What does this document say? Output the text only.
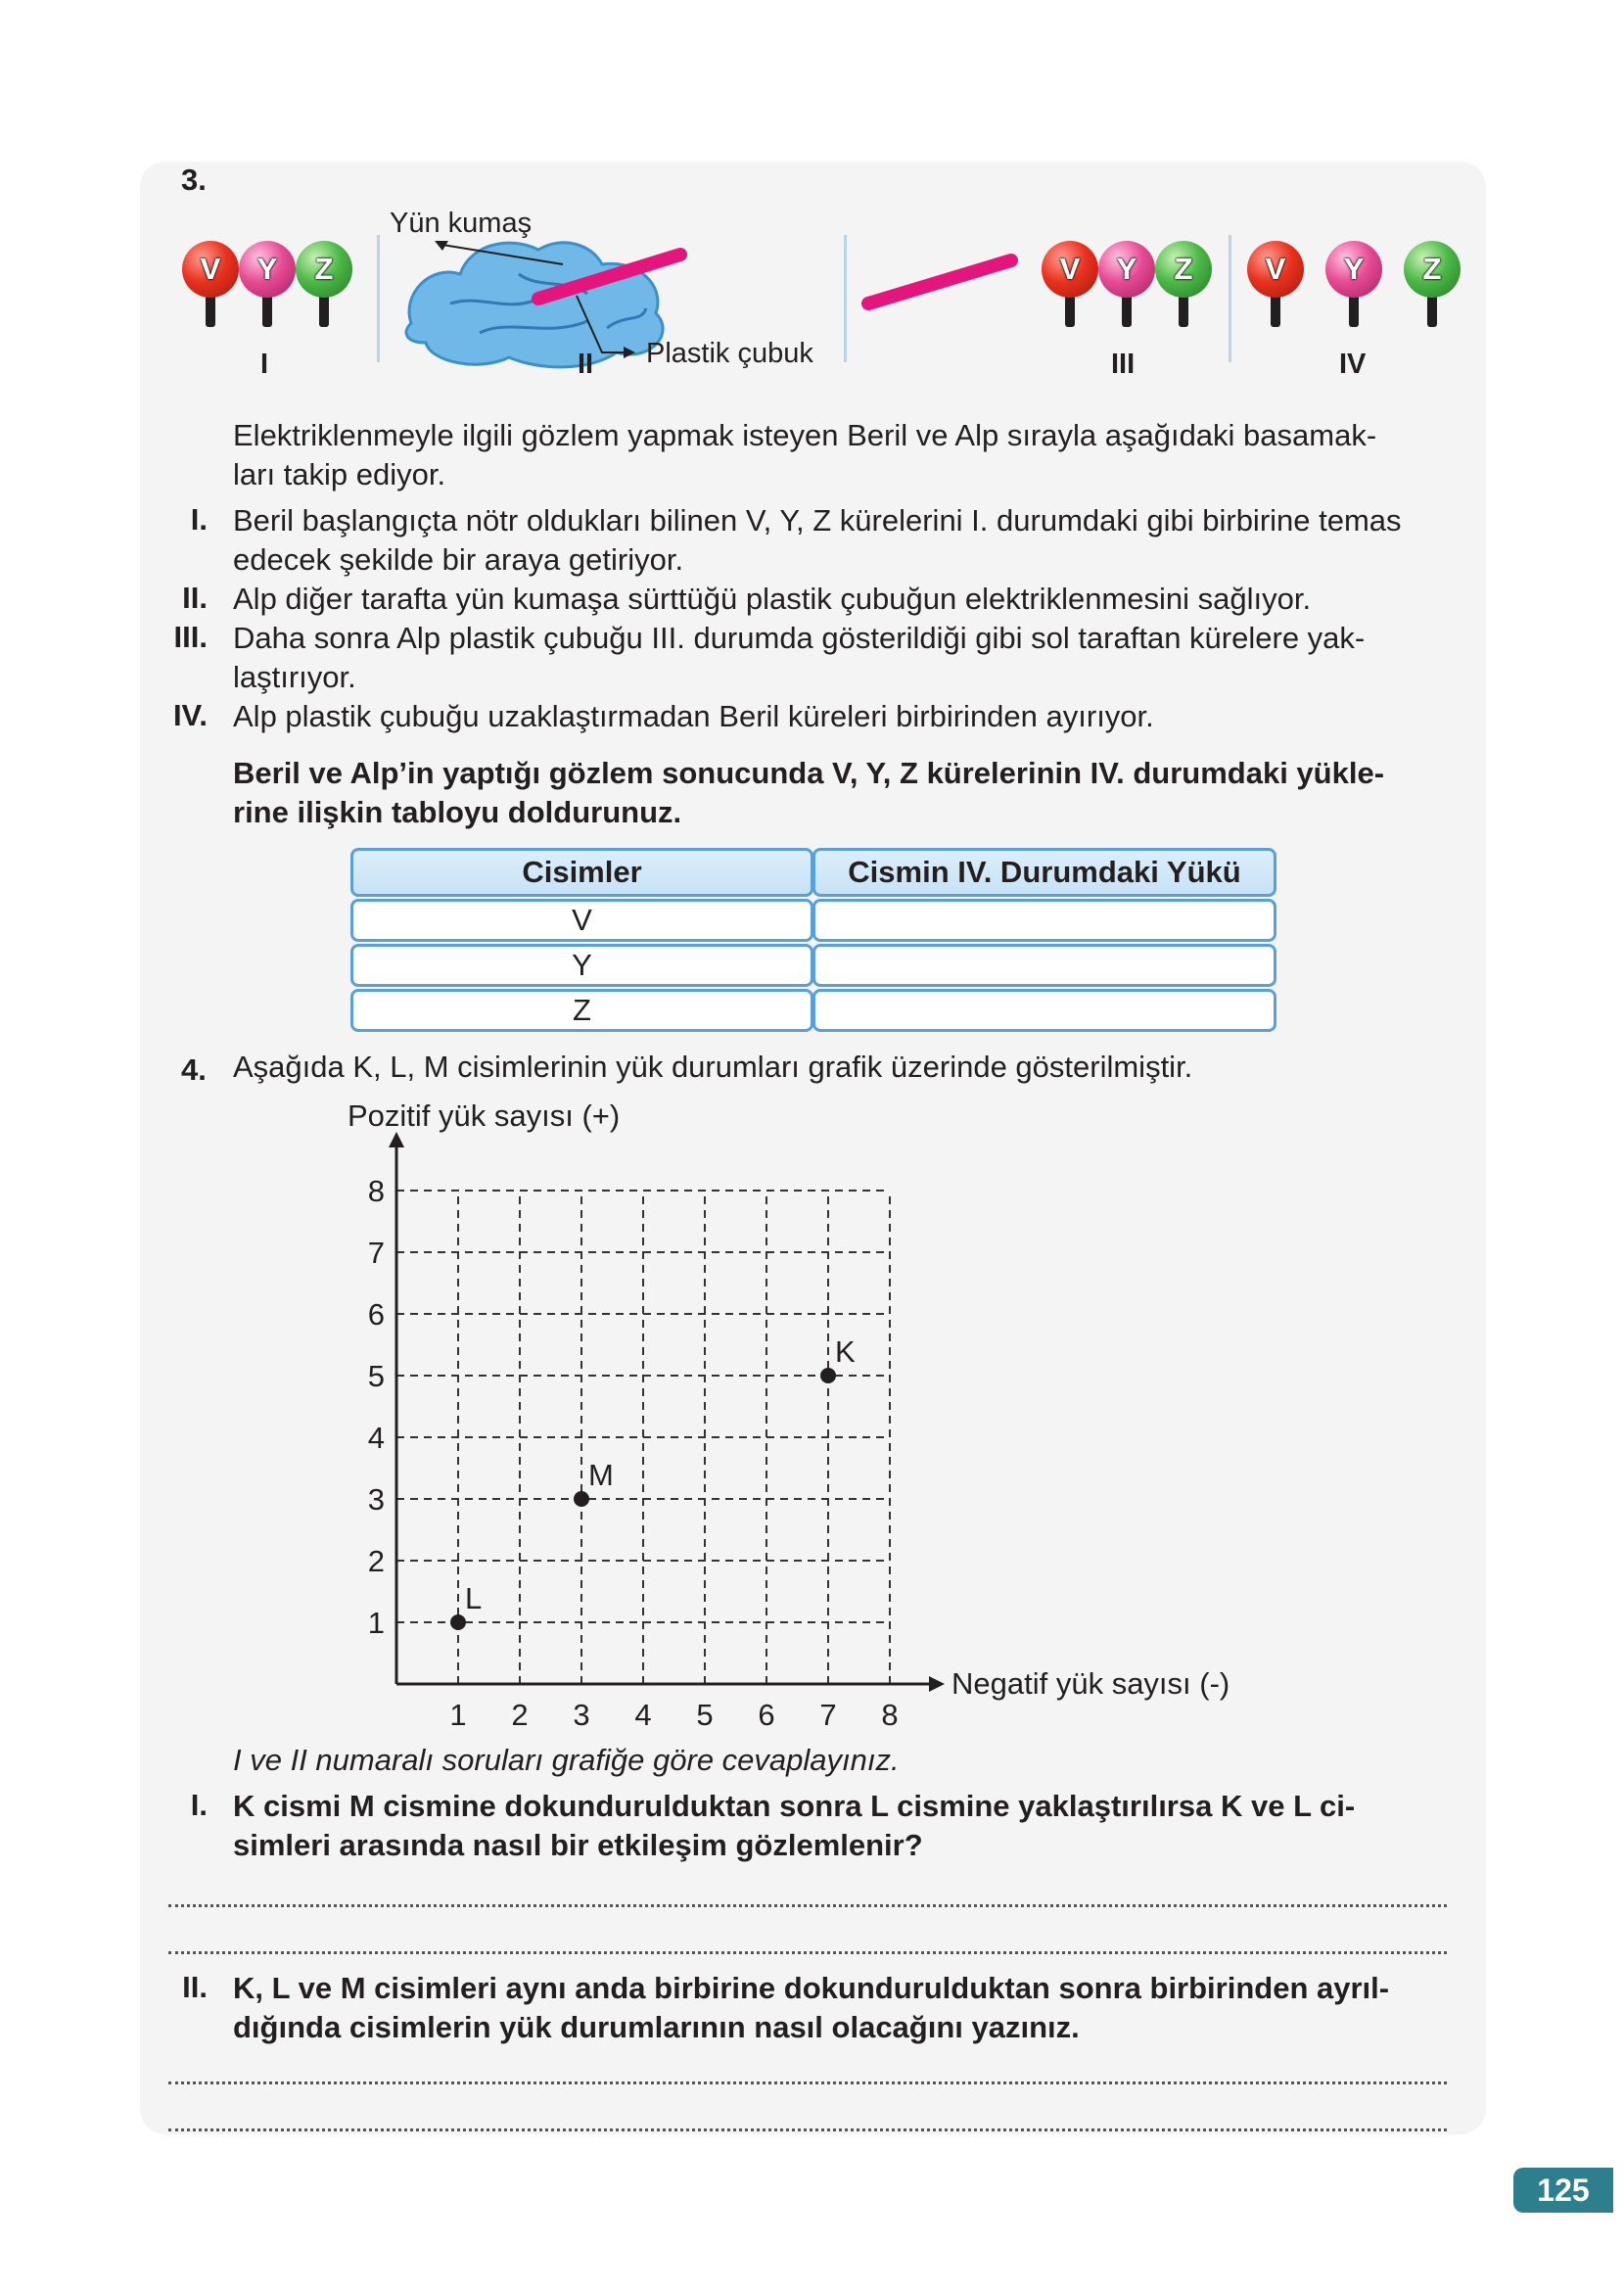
3.
V	Y	Z
I
Yün kumaş
II Plastik çubuk
V	Y	Z
III
V	Y	Z
IV
Elektriklenmeyle ilgili gözlem yapmak isteyen Beril ve Alp sırayla aşağıdaki basamak-
ları takip ediyor.
I. Beril başlangıçta nötr oldukları bilinen V, Y, Z kürelerini I. durumdaki gibi birbirine temas
edecek şekilde bir araya getiriyor.
II. Alp diğer tarafta yün kumaşa sürttüğü plastik çubuğun elektriklenmesini sağlıyor.
III. Daha sonra Alp plastik çubuğu III. durumda gösterildiği gibi sol taraftan kürelere yak-
laştırıyor.
IV. Alp plastik çubuğu uzaklaştırmadan Beril küreleri birbirinden ayırıyor.
Beril ve Alp’in yaptığı gözlem sonucunda V, Y, Z kürelerinin IV. durumdaki yükle-
rine ilişkin tabloyu doldurunuz.
Cisimler	Cismin IV. Durumdaki Yükü
V
Y
Z
4. Aşağıda K, L, M cisimlerinin yük durumları grafik üzerinde gösterilmiştir.
1 2 3 4 5 6 7 8
1
2
3
4
5
6
7
8
Pozitif yük sayısı (+)
Negatif yük sayısı (-)
L
M
K
I ve II numaralı soruları grafiğe göre cevaplayınız.
I. K cismi M cismine dokundurulduktan sonra L cismine yaklaştırılırsa K ve L ci-
simleri arasında nasıl bir etkileşim gözlemlenir?
II. K, L ve M cisimleri aynı anda birbirine dokundurulduktan sonra birbirinden ayrıl-
dığında cisimlerin yük durumlarının nasıl olacağını yazınız.
125
